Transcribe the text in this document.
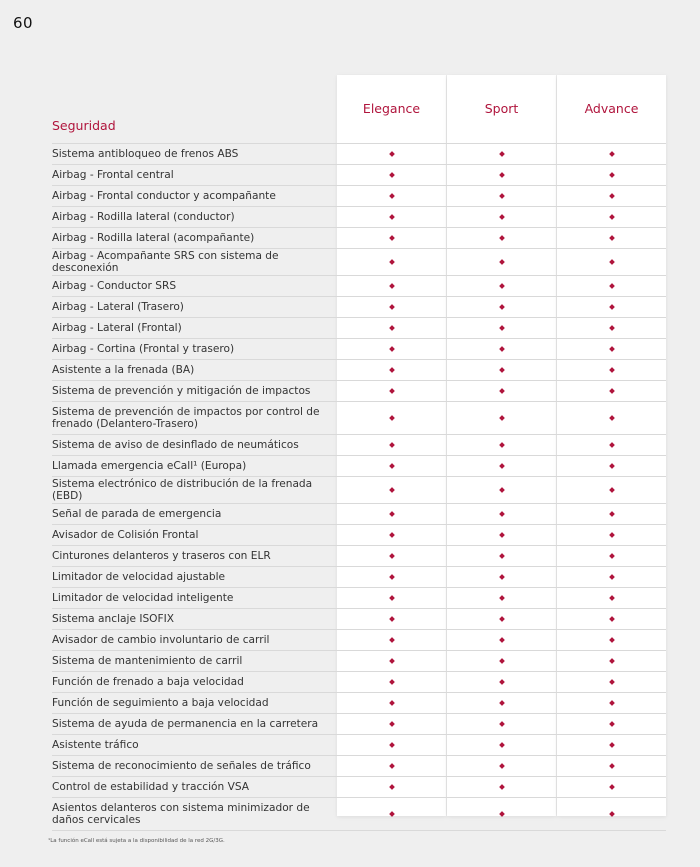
60
Elegance	Sport	Advance
Seguridad
Sistema antibloqueo de frenos ABS
Airbag - Frontal central
Airbag - Frontal conductor y acompañante
Airbag - Rodilla lateral (conductor)
Airbag - Rodilla lateral (acompañante)
Airbag - Acompañante SRS con sistema de desconexión
Airbag - Conductor SRS
Airbag - Lateral (Trasero)
Airbag - Lateral (Frontal)
Airbag - Cortina (Frontal y trasero)
Asistente a la frenada (BA)
Sistema de prevención y mitigación de impactos
Sistema de prevención de impactos por control de frenado (Delantero-Trasero)
Sistema de aviso de desinflado de neumáticos
Llamada emergencia eCall¹ (Europa)
Sistema electrónico de distribución de la frenada (EBD)
Señal de parada de emergencia
Avisador de Colisión Frontal
Cinturones delanteros y traseros con ELR
Limitador de velocidad ajustable
Limitador de velocidad inteligente
Sistema anclaje ISOFIX
Avisador de cambio involuntario de carril
Sistema de mantenimiento de carril
Función de frenado a baja velocidad
Función de seguimiento a baja velocidad
Sistema de ayuda de permanencia en la carretera
Asistente tráfico
Sistema de reconocimiento de señales de tráfico
Control de estabilidad y tracción VSA
Asientos delanteros con sistema minimizador de daños cervicales
¹La función eCall está sujeta a la disponibilidad de la red 2G/3G.
